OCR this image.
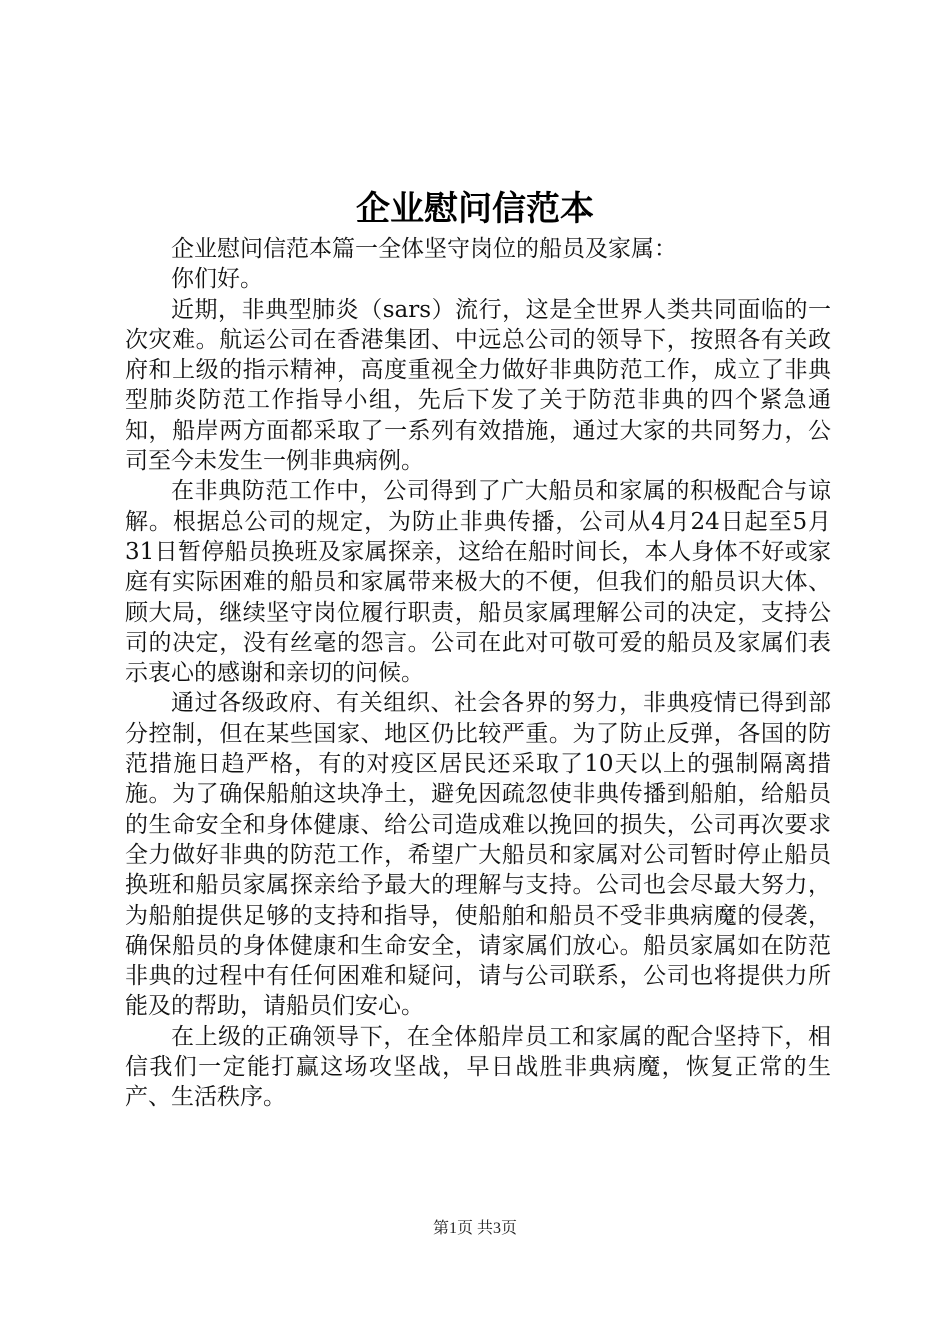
企业慰问信范本

企业慰问信范本篇一全体坚守岗位的船员及家属：

你们好。

近期，非典型肺炎（sars）流行，这是全世界人类共同面临的一次灾难。航运公司在香港集团、中远总公司的领导下，按照各有关政府和上级的指示精神，高度重视全力做好非典防范工作，成立了非典型肺炎防范工作指导小组，先后下发了关于防范非典的四个紧急通知，船岸两方面都采取了一系列有效措施，通过大家的共同努力，公司至今未发生一例非典病例。

在非典防范工作中，公司得到了广大船员和家属的积极配合与谅解。根据总公司的规定，为防止非典传播，公司从4月24日起至5月31日暂停船员换班及家属探亲，这给在船时间长，本人身体不好或家庭有实际困难的船员和家属带来极大的不便，但我们的船员识大体、顾大局，继续坚守岗位履行职责，船员家属理解公司的决定，支持公司的决定，没有丝毫的怨言。公司在此对可敬可爱的船员及家属们表示衷心的感谢和亲切的问候。

通过各级政府、有关组织、社会各界的努力，非典疫情已得到部分控制，但在某些国家、地区仍比较严重。为了防止反弹，各国的防范措施日趋严格，有的对疫区居民还采取了10天以上的强制隔离措施。为了确保船舶这块净土，避免因疏忽使非典传播到船舶，给船员的生命安全和身体健康、给公司造成难以挽回的损失，公司再次要求全力做好非典的防范工作，希望广大船员和家属对公司暂时停止船员换班和船员家属探亲给予最大的理解与支持。公司也会尽最大努力，为船舶提供足够的支持和指导，使船舶和船员不受非典病魔的侵袭，确保船员的身体健康和生命安全，请家属们放心。船员家属如在防范非典的过程中有任何困难和疑问，请与公司联系，公司也将提供力所能及的帮助，请船员们安心。

在上级的正确领导下，在全体船岸员工和家属的配合坚持下，相信我们一定能打赢这场攻坚战，早日战胜非典病魔，恢复正常的生产、生活秩序。

第1页 共3页
